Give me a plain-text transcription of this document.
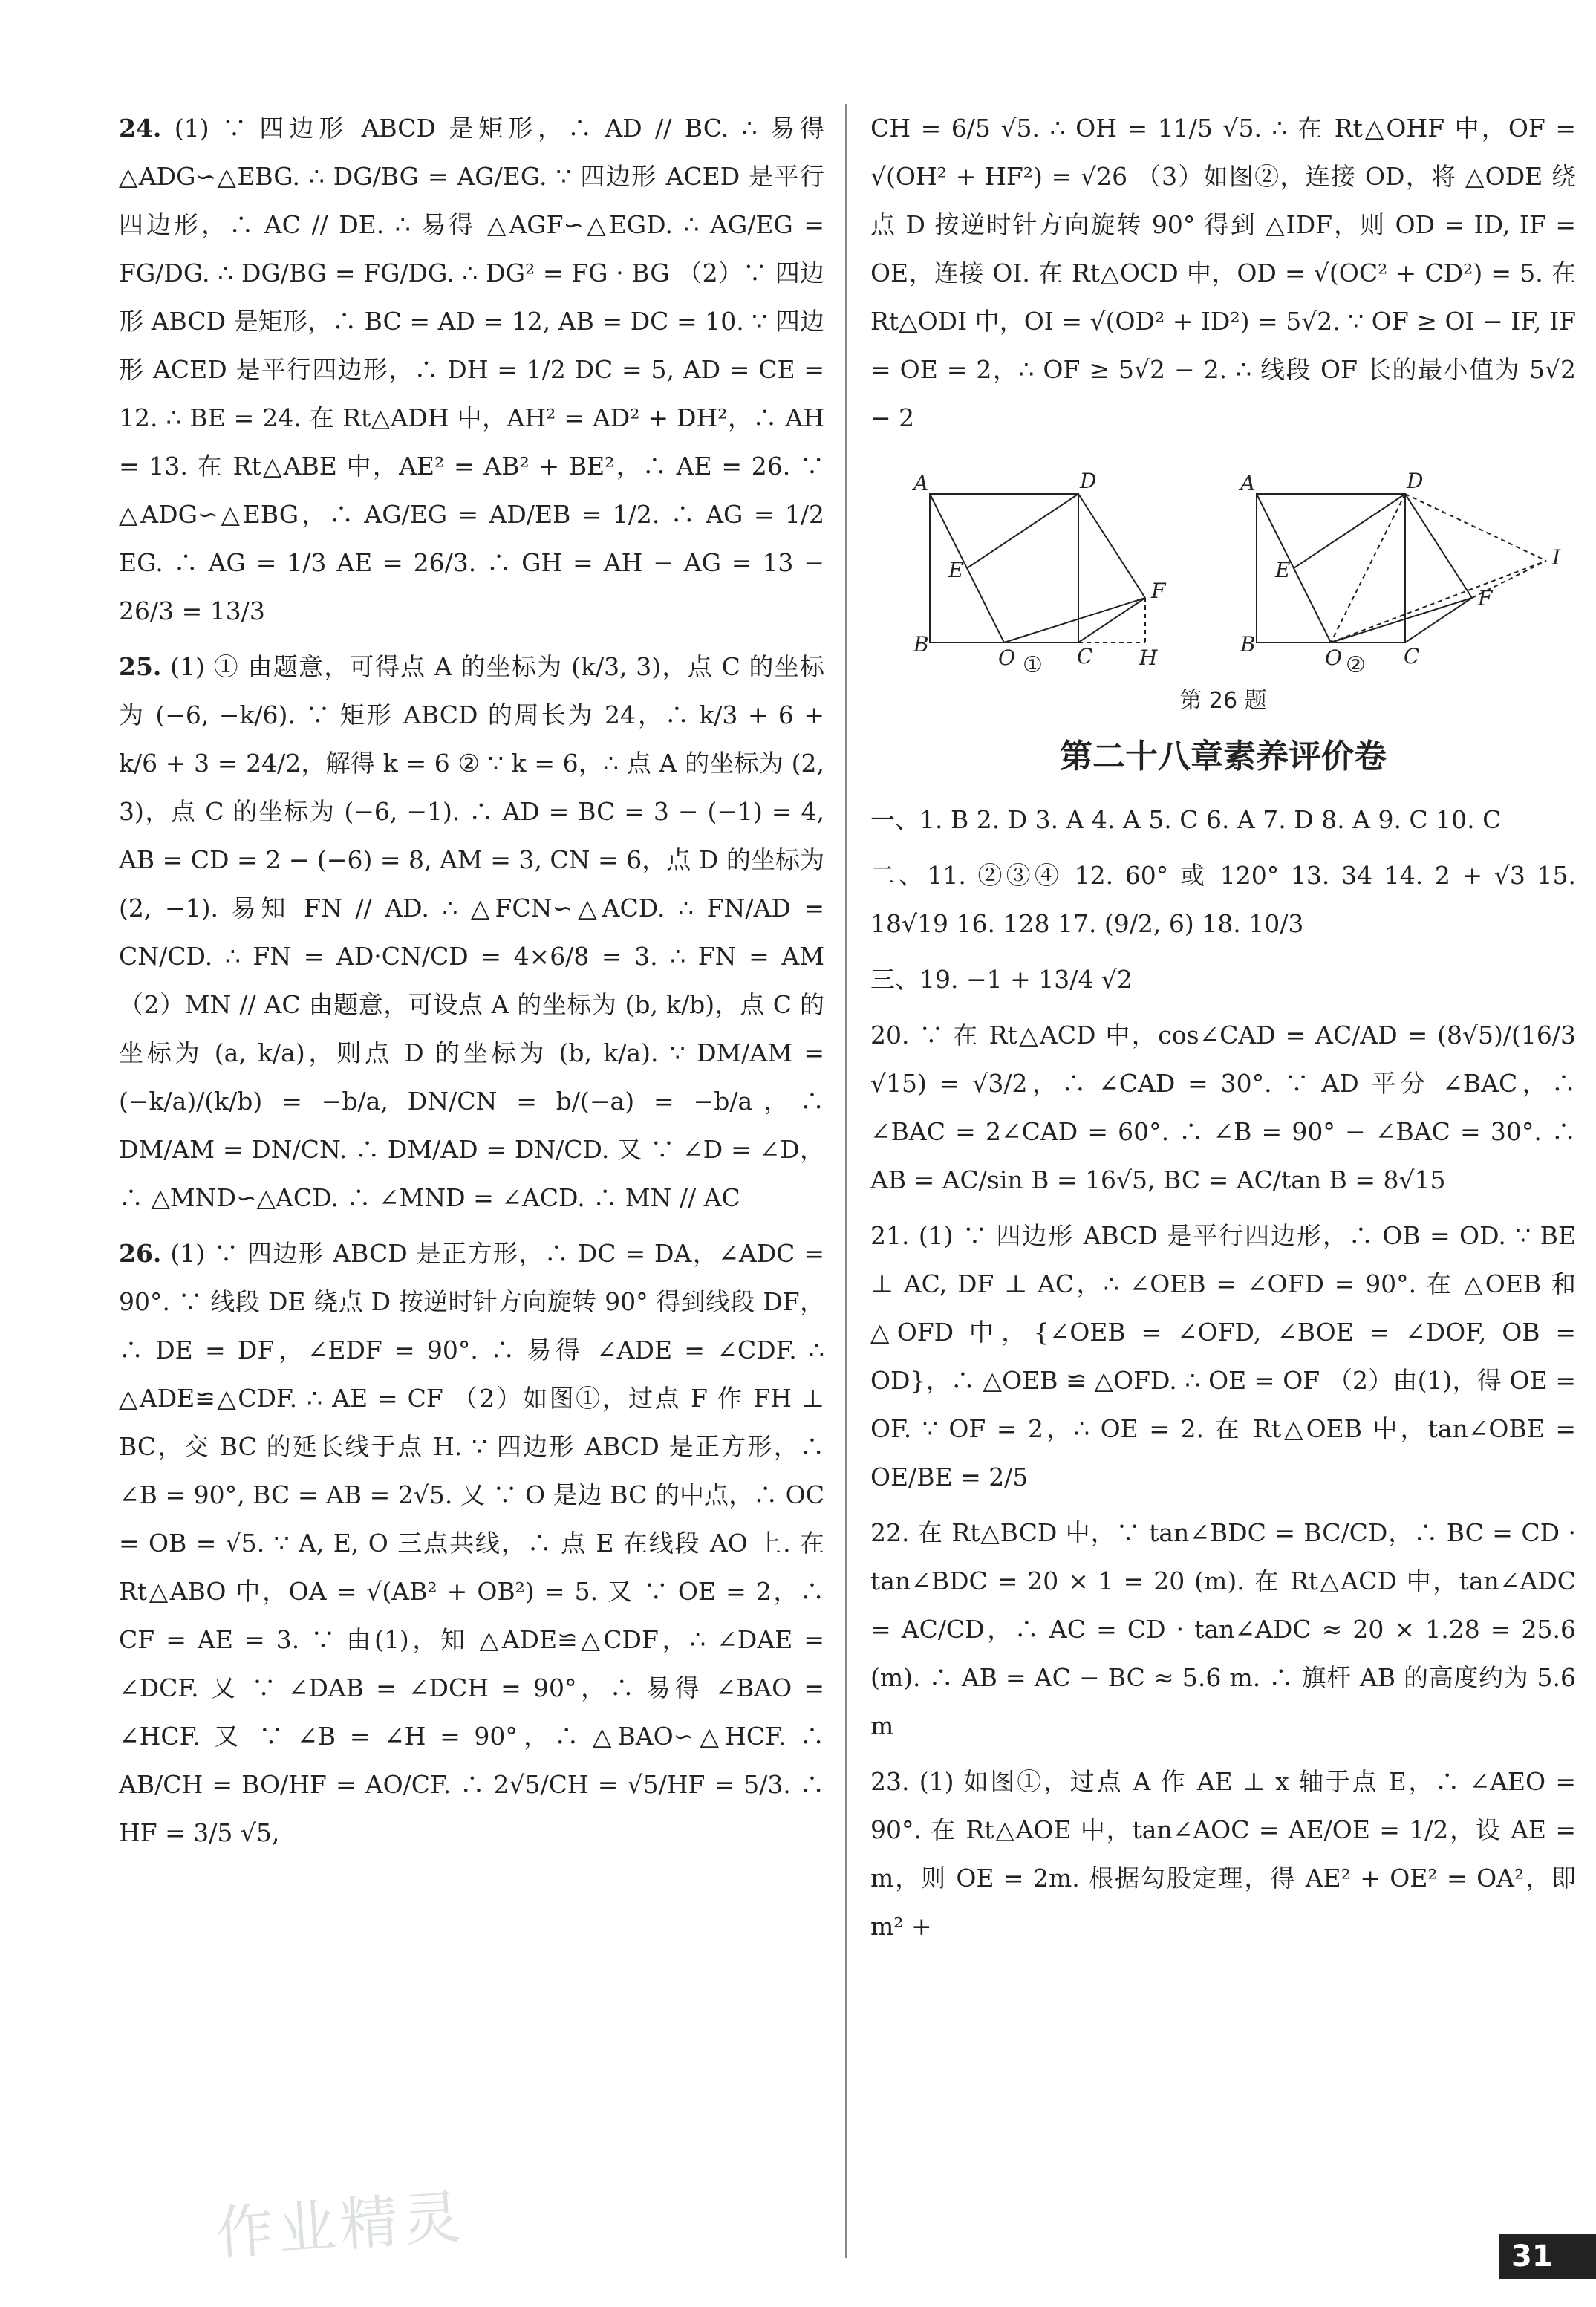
24. (1) ∵ 四边形 ABCD 是矩形，∴ AD // BC. ∴ 易得 △ADG∽△EBG. ∴ DG/BG = AG/EG. ∵ 四边形 ACED 是平行四边形，∴ AC // DE. ∴ 易得 △AGF∽△EGD. ∴ AG/EG = FG/DG. ∴ DG/BG = FG/DG. ∴ DG² = FG · BG （2）∵ 四边形 ABCD 是矩形，∴ BC = AD = 12, AB = DC = 10. ∵ 四边形 ACED 是平行四边形，∴ DH = 1/2 DC = 5, AD = CE = 12. ∴ BE = 24. 在 Rt△ADH 中，AH² = AD² + DH²，∴ AH = 13. 在 Rt△ABE 中，AE² = AB² + BE²，∴ AE = 26. ∵ △ADG∽△EBG，∴ AG/EG = AD/EB = 1/2. ∴ AG = 1/2 EG. ∴ AG = 1/3 AE = 26/3. ∴ GH = AH − AG = 13 − 26/3 = 13/3

25. (1) ① 由题意，可得点 A 的坐标为 (k/3, 3)，点 C 的坐标为 (−6, −k/6). ∵ 矩形 ABCD 的周长为 24，∴ k/3 + 6 + k/6 + 3 = 24/2，解得 k = 6 ② ∵ k = 6，∴ 点 A 的坐标为 (2, 3)，点 C 的坐标为 (−6, −1). ∴ AD = BC = 3 − (−1) = 4, AB = CD = 2 − (−6) = 8, AM = 3, CN = 6，点 D 的坐标为 (2, −1). 易知 FN // AD. ∴ △FCN∽△ACD. ∴ FN/AD = CN/CD. ∴ FN = AD·CN/CD = 4×6/8 = 3. ∴ FN = AM （2）MN // AC 由题意，可设点 A 的坐标为 (b, k/b)，点 C 的坐标为 (a, k/a)，则点 D 的坐标为 (b, k/a). ∵ DM/AM = (−k/a)/(k/b) = −b/a, DN/CN = b/(−a) = −b/a，∴ DM/AM = DN/CN. ∴ DM/AD = DN/CD. 又 ∵ ∠D = ∠D，∴ △MND∽△ACD. ∴ ∠MND = ∠ACD. ∴ MN // AC

26. (1) ∵ 四边形 ABCD 是正方形，∴ DC = DA，∠ADC = 90°. ∵ 线段 DE 绕点 D 按逆时针方向旋转 90° 得到线段 DF，∴ DE = DF，∠EDF = 90°. ∴ 易得 ∠ADE = ∠CDF. ∴ △ADE≌△CDF. ∴ AE = CF （2）如图①，过点 F 作 FH ⊥ BC，交 BC 的延长线于点 H. ∵ 四边形 ABCD 是正方形，∴ ∠B = 90°, BC = AB = 2√5. 又 ∵ O 是边 BC 的中点，∴ OC = OB = √5. ∵ A, E, O 三点共线，∴ 点 E 在线段 AO 上. 在 Rt△ABO 中，OA = √(AB² + OB²) = 5. 又 ∵ OE = 2，∴ CF = AE = 3. ∵ 由(1)，知 △ADE≌△CDF，∴ ∠DAE = ∠DCF. 又 ∵ ∠DAB = ∠DCH = 90°，∴ 易得 ∠BAO = ∠HCF. 又 ∵ ∠B = ∠H = 90°，∴ △BAO∽△HCF. ∴ AB/CH = BO/HF = AO/CF. ∴ 2√5/CH = √5/HF = 5/3. ∴ HF = 3/5 √5,

CH = 6/5 √5. ∴ OH = 11/5 √5. ∴ 在 Rt△OHF 中，OF = √(OH² + HF²) = √26 （3）如图②，连接 OD，将 △ODE 绕点 D 按逆时针方向旋转 90° 得到 △IDF，则 OD = ID, IF = OE，连接 OI. 在 Rt△OCD 中，OD = √(OC² + CD²) = 5. 在 Rt△ODI 中，OI = √(OD² + ID²) = 5√2. ∵ OF ≥ OI − IF, IF = OE = 2，∴ OF ≥ 5√2 − 2. ∴ 线段 OF 长的最小值为 5√2 − 2

A
B	C
D
E
F
H
O ①
A
B	C
D
E
F
O
I
②
第 26 题
第二十八章素养评价卷

一、1. B 2. D 3. A 4. A 5. C 6. A 7. D 8. A 9. C 10. C

二、11. ②③④ 12. 60° 或 120° 13. 34 14. 2 + √3 15. 18√19 16. 128 17. (9/2, 6) 18. 10/3

三、19. −1 + 13/4 √2

20. ∵ 在 Rt△ACD 中，cos∠CAD = AC/AD = (8√5)/(16/3 √15) = √3/2，∴ ∠CAD = 30°. ∵ AD 平分 ∠BAC，∴ ∠BAC = 2∠CAD = 60°. ∴ ∠B = 90° − ∠BAC = 30°. ∴ AB = AC/sin B = 16√5, BC = AC/tan B = 8√15

21. (1) ∵ 四边形 ABCD 是平行四边形，∴ OB = OD. ∵ BE ⊥ AC, DF ⊥ AC，∴ ∠OEB = ∠OFD = 90°. 在 △OEB 和 △OFD 中，{∠OEB = ∠OFD, ∠BOE = ∠DOF, OB = OD}，∴ △OEB ≌ △OFD. ∴ OE = OF （2）由(1)，得 OE = OF. ∵ OF = 2，∴ OE = 2. 在 Rt△OEB 中，tan∠OBE = OE/BE = 2/5

22. 在 Rt△BCD 中，∵ tan∠BDC = BC/CD，∴ BC = CD · tan∠BDC = 20 × 1 = 20 (m). 在 Rt△ACD 中，tan∠ADC = AC/CD，∴ AC = CD · tan∠ADC ≈ 20 × 1.28 = 25.6 (m). ∴ AB = AC − BC ≈ 5.6 m. ∴ 旗杆 AB 的高度约为 5.6 m

23. (1) 如图①，过点 A 作 AE ⊥ x 轴于点 E，∴ ∠AEO = 90°. 在 Rt△AOE 中，tan∠AOC = AE/OE = 1/2，设 AE = m，则 OE = 2m. 根据勾股定理，得 AE² + OE² = OA²，即 m² +

作业精灵	31
